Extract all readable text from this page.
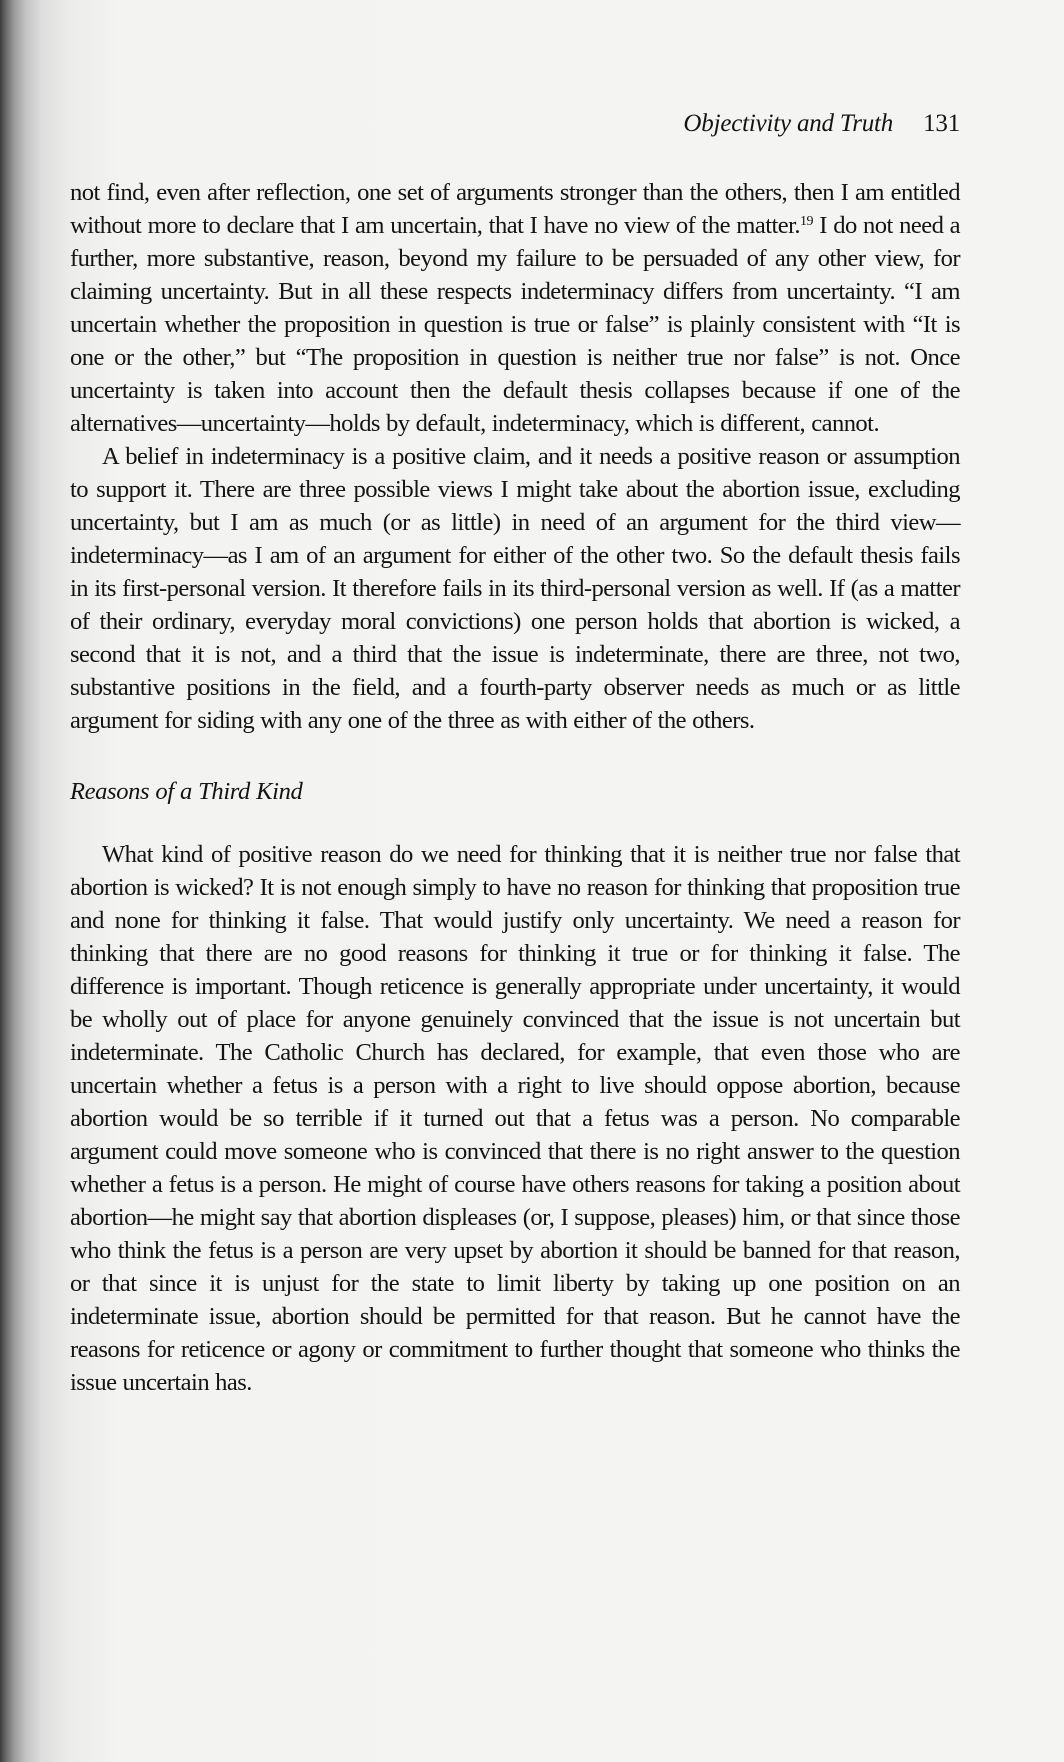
Objectivity and Truth 131

not find, even after reflection, one set of arguments stronger than the others, then I am entitled without more to declare that I am uncertain, that I have no view of the matter.$^{19}$ I do not need a further, more substantive, reason, beyond my failure to be persuaded of any other view, for claiming uncertainty. But in all these respects indeterminacy differs from uncertainty. “I am uncertain whether the proposition in question is true or false” is plainly consistent with “It is one or the other,” but “The proposition in question is neither true nor false” is not. Once uncertainty is taken into account then the default thesis collapses because if one of the alternatives—uncertainty—holds by default, indeterminacy, which is different, cannot.

A belief in indeterminacy is a positive claim, and it needs a positive reason or assumption to support it. There are three possible views I might take about the abortion issue, excluding uncertainty, but I am as much (or as little) in need of an argument for the third view—indeterminacy—as I am of an argument for either of the other two. So the default thesis fails in its first-personal version. It therefore fails in its third-personal version as well. If (as a matter of their ordinary, everyday moral convictions) one person holds that abortion is wicked, a second that it is not, and a third that the issue is indeterminate, there are three, not two, substantive positions in the field, and a fourth-party observer needs as much or as little argument for siding with any one of the three as with either of the others.

Reasons of a Third Kind

What kind of positive reason do we need for thinking that it is neither true nor false that abortion is wicked? It is not enough simply to have no reason for thinking that proposition true and none for thinking it false. That would justify only uncertainty. We need a reason for thinking that there are no good reasons for thinking it true or for thinking it false. The difference is important. Though reticence is generally appropriate under uncertainty, it would be wholly out of place for anyone genuinely convinced that the issue is not uncertain but indeterminate. The Catholic Church has declared, for example, that even those who are uncertain whether a fetus is a person with a right to live should oppose abortion, because abortion would be so terrible if it turned out that a fetus was a person. No comparable argument could move someone who is convinced that there is no right answer to the question whether a fetus is a person. He might of course have others reasons for taking a position about abortion—he might say that abortion displeases (or, I suppose, pleases) him, or that since those who think the fetus is a person are very upset by abortion it should be banned for that reason, or that since it is unjust for the state to limit liberty by taking up one position on an indeterminate issue, abortion should be permitted for that reason. But he cannot have the reasons for reticence or agony or commitment to further thought that someone who thinks the issue uncertain has.
